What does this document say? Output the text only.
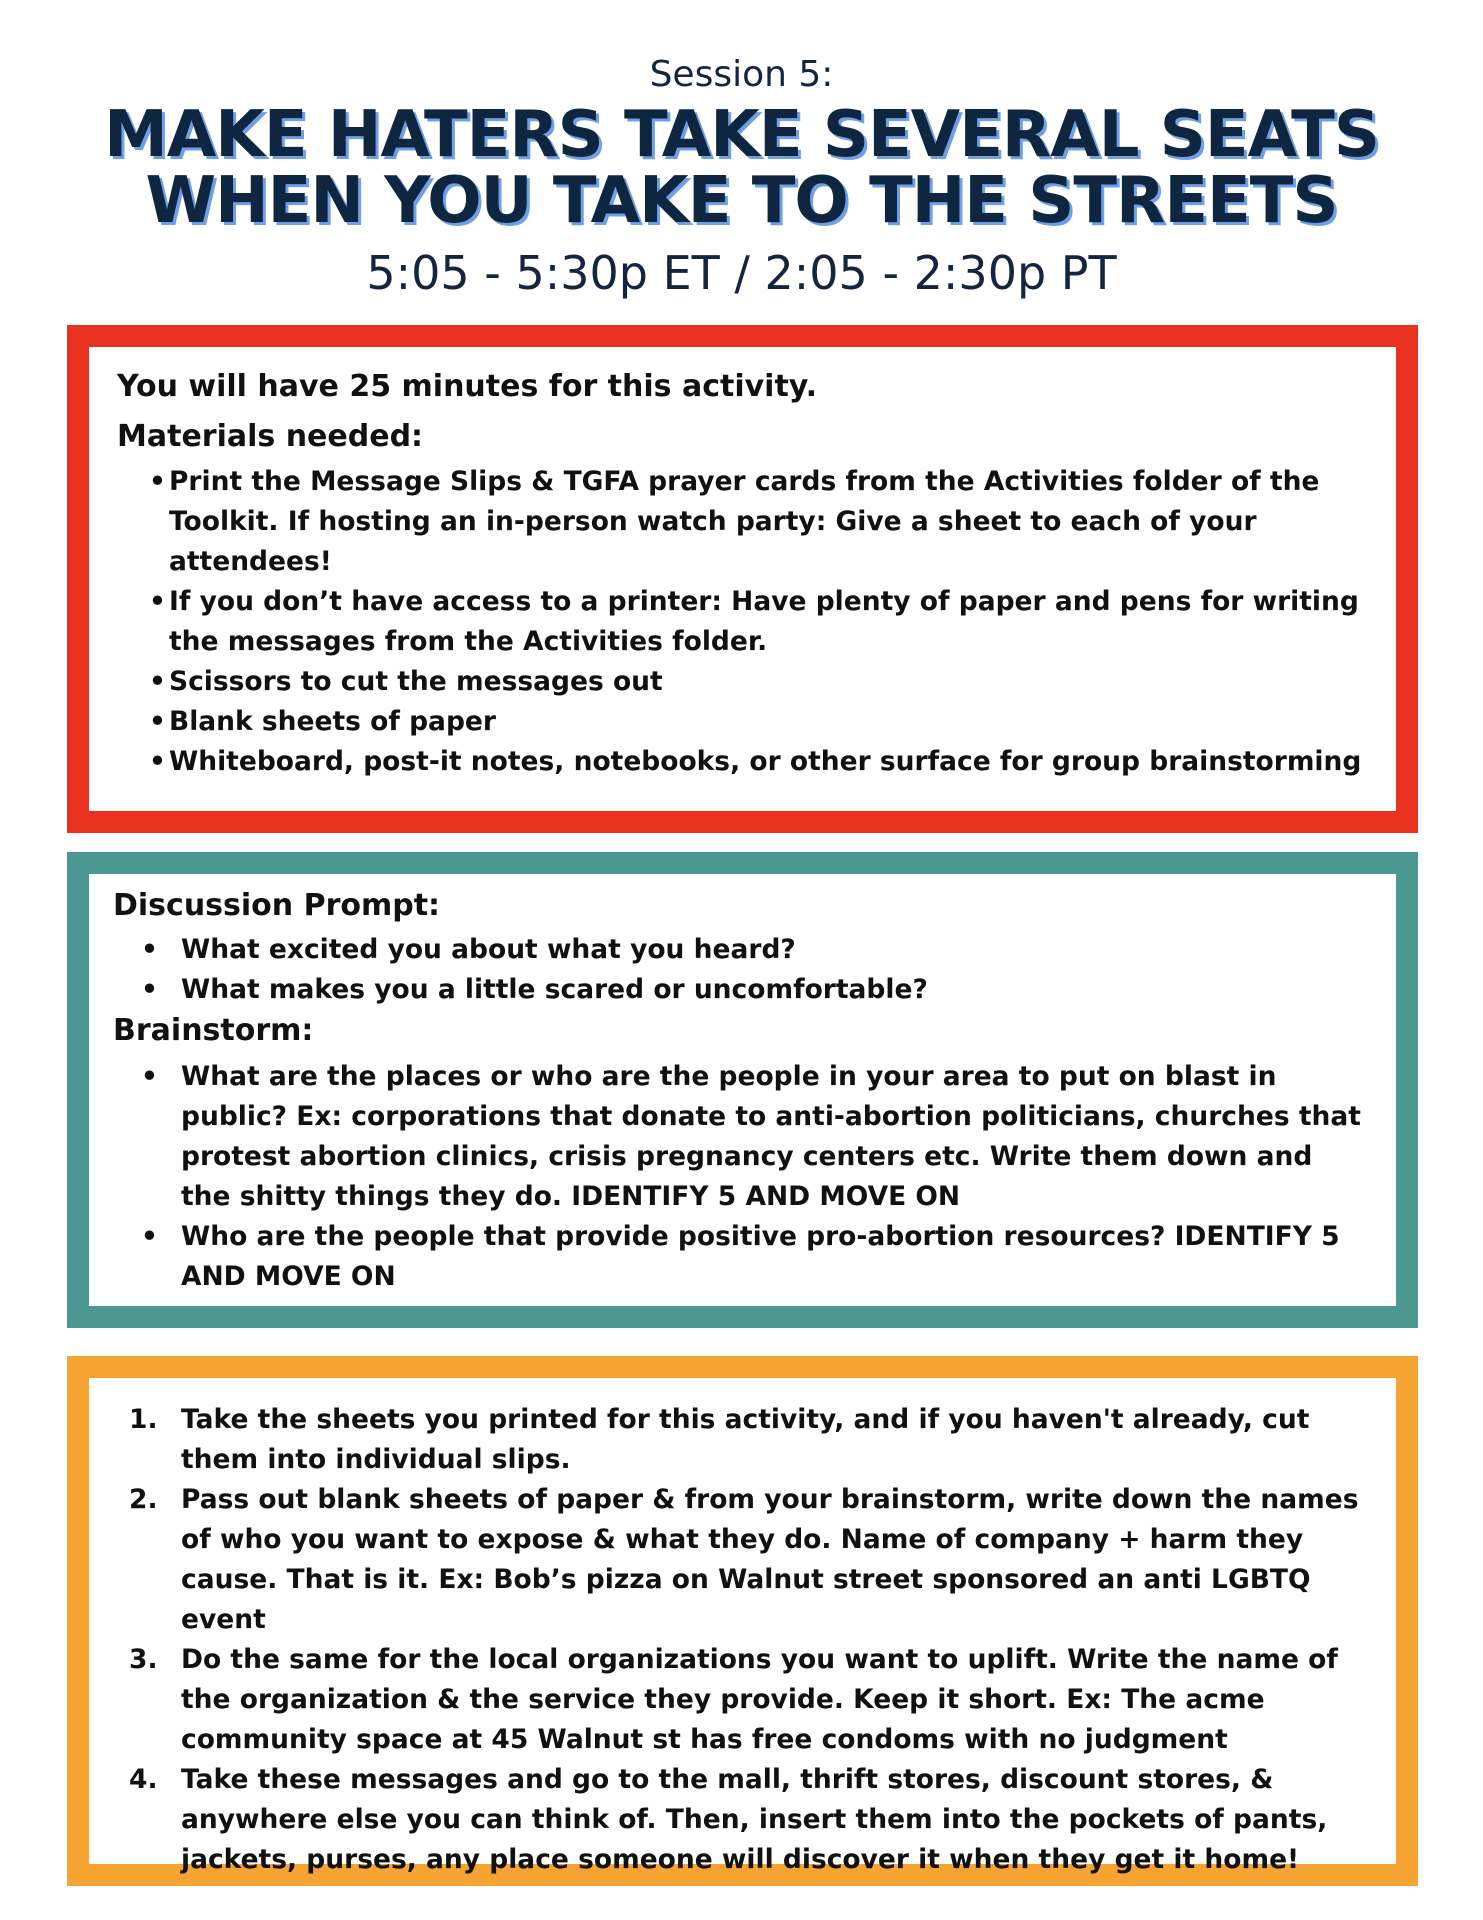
Session 5:
MAKE HATERS TAKE SEVERAL SEATS
WHEN YOU TAKE TO THE STREETS
5:05 - 5:30p ET / 2:05 - 2:30p PT
You will have 25 minutes for this activity.
Materials needed:
• Print the Message Slips & TGFA prayer cards from the Activities folder of the Toolkit. If hosting an in-person watch party: Give a sheet to each of your attendees!
• If you don’t have access to a printer: Have plenty of paper and pens for writing the messages from the Activities folder.
• Scissors to cut the messages out
• Blank sheets of paper
• Whiteboard, post-it notes, notebooks, or other surface for group brainstorming
Discussion Prompt:
• What excited you about what you heard?
• What makes you a little scared or uncomfortable?
Brainstorm:
• What are the places or who are the people in your area to put on blast in public? Ex: corporations that donate to anti-abortion politicians, churches that protest abortion clinics, crisis pregnancy centers etc. Write them down and the shitty things they do. IDENTIFY 5 AND MOVE ON
• Who are the people that provide positive pro-abortion resources? IDENTIFY 5 AND MOVE ON
1. Take the sheets you printed for this activity, and if you haven't already, cut them into individual slips.
2. Pass out blank sheets of paper & from your brainstorm, write down the names of who you want to expose & what they do. Name of company + harm they cause. That is it. Ex: Bob’s pizza on Walnut street sponsored an anti LGBTQ event
3. Do the same for the local organizations you want to uplift. Write the name of the organization & the service they provide. Keep it short. Ex: The acme community space at 45 Walnut st has free condoms with no judgment
4. Take these messages and go to the mall, thrift stores, discount stores, & anywhere else you can think of. Then, insert them into the pockets of pants, jackets, purses, any place someone will discover it when they get it home!
